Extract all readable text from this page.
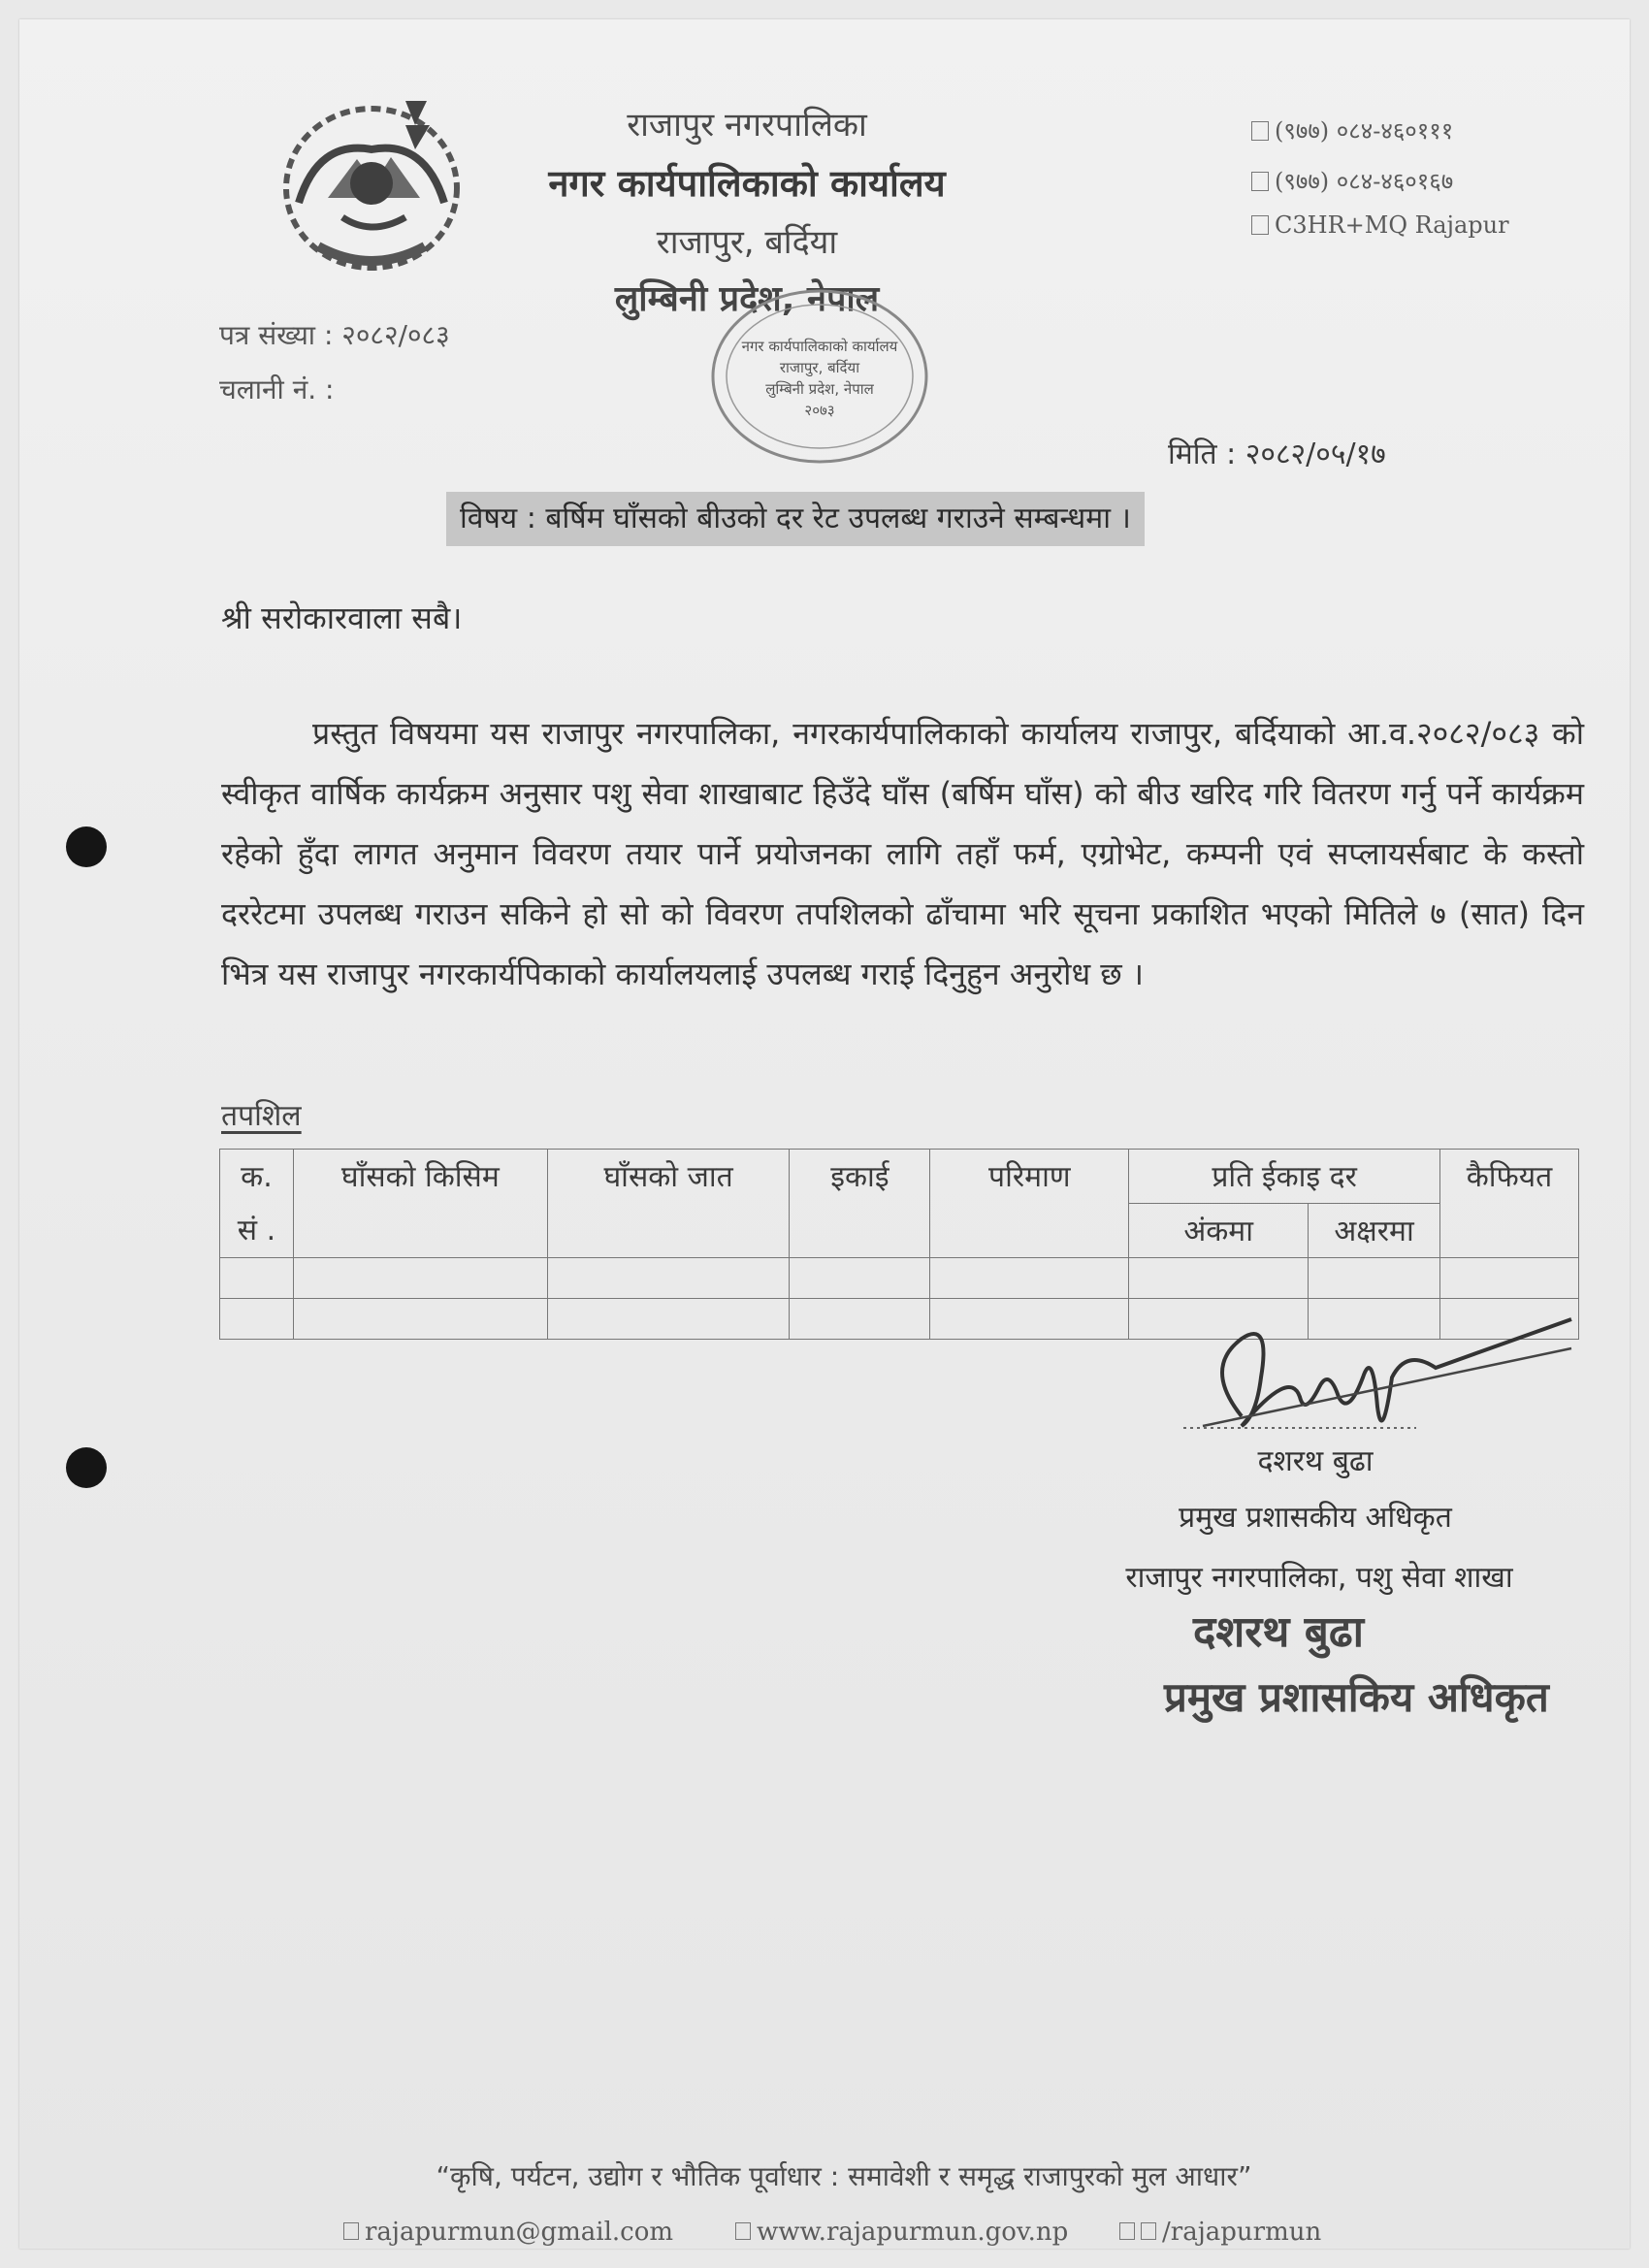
राजापुर नगरपालिका
नगर कार्यपालिकाको कार्यालय
राजापुर, बर्दिया
लुम्बिनी प्रदेश, नेपाल
(९७७) ०८४-४६०१११
(९७७) ०८४-४६०१६७
C3HR+MQ Rajapur
नगर कार्यपालिकाको कार्यालय
राजापुर, बर्दिया
लुम्बिनी प्रदेश, नेपाल
२०७३
पत्र संख्या : २०८२/०८३
चलानी नं. :
मिति : २०८२/०५/१७
विषय : बर्षिम घाँसको बीउको दर रेट उपलब्ध गराउने सम्बन्धमा ।
श्री सरोकारवाला सबै।
प्रस्तुत विषयमा यस राजापुर नगरपालिका, नगरकार्यपालिकाको कार्यालय राजापुर, बर्दियाको आ.व.२०८२/०८३ को स्वीकृत वार्षिक कार्यक्रम अनुसार पशु सेवा शाखाबाट हिउँदे घाँस (बर्षिम घाँस) को बीउ खरिद गरि वितरण गर्नु पर्ने कार्यक्रम रहेको हुँदा लागत अनुमान विवरण तयार पार्ने प्रयोजनका लागि तहाँ फर्म, एग्रोभेट, कम्पनी एवं सप्लायर्सबाट के कस्तो दररेटमा उपलब्ध गराउन सकिने हो सो को विवरण तपशिलको ढाँचामा भरि सूचना प्रकाशित भएको मितिले ७ (सात) दिन भित्र यस राजापुर नगरकार्यपिकाको कार्यालयलाई उपलब्ध गराई दिनुहुन अनुरोध छ ।
तपशिल
क.
सं .	घाँसको किसिम	घाँसको जात	इकाई	परिमाण	प्रति ईकाइ दर		कैफियत
					अंकमा	अक्षरमा	

दशरथ बुढा
प्रमुख प्रशासकीय अधिकृत
राजापुर नगरपालिका, पशु सेवा शाखा
दशरथ बुढा
प्रमुख प्रशासकिय अधिकृत
“कृषि, पर्यटन, उद्योग र भौतिक पूर्वाधार : समावेशी र समृद्ध राजापुरको मुल आधार”
rajapurmun@gmail.com	www.rajapurmun.gov.np	/rajapurmun
